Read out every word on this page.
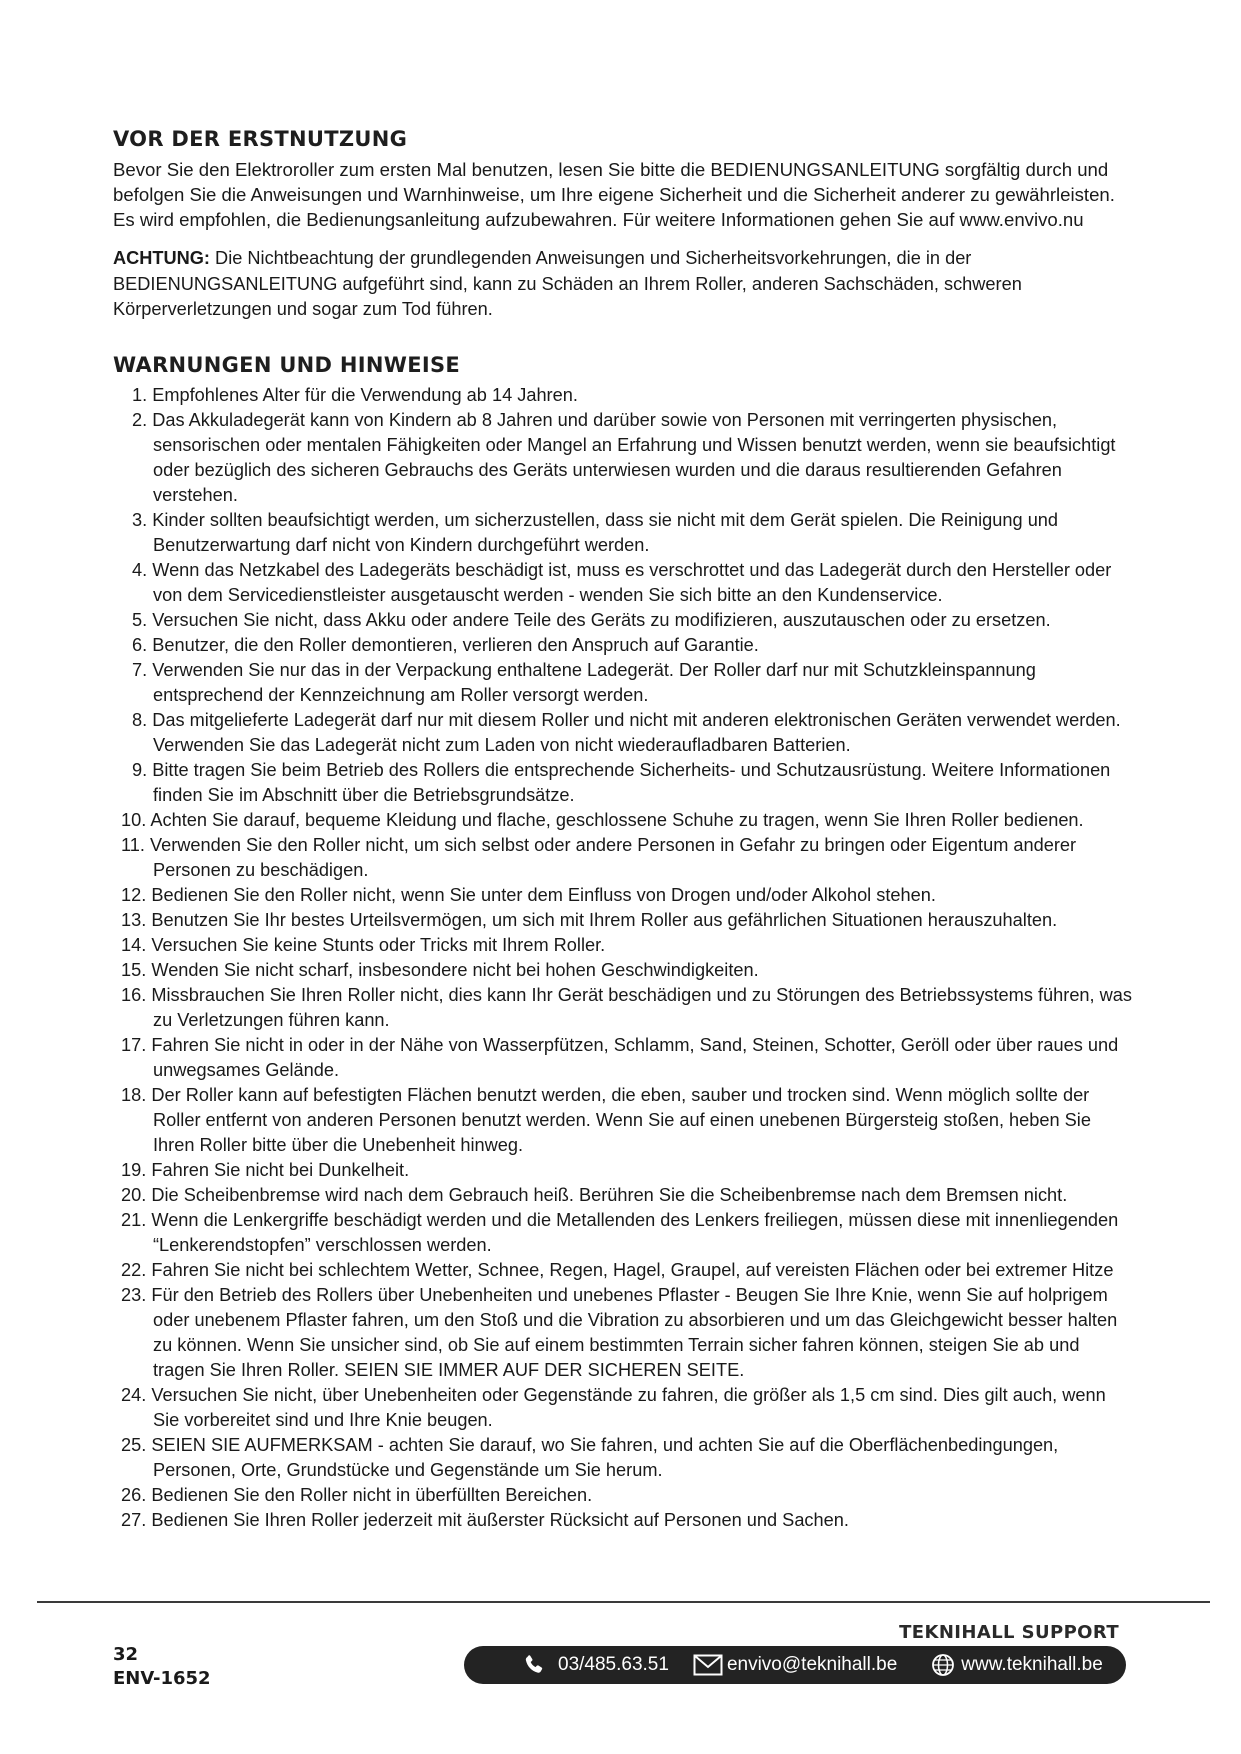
VOR DER ERSTNUTZUNG

Bevor Sie den Elektroroller zum ersten Mal benutzen, lesen Sie bitte die BEDIENUNGSANLEITUNG sorgfältig durch und befolgen Sie die Anweisungen und Warnhinweise, um Ihre eigene Sicherheit und die Sicherheit anderer zu gewährleisten. Es wird empfohlen, die Bedienungsanleitung aufzubewahren. Für weitere Informationen gehen Sie auf www.envivo.nu

ACHTUNG: Die Nichtbeachtung der grundlegenden Anweisungen und Sicherheitsvorkehrungen, die in der BEDIENUNGSANLEITUNG aufgeführt sind, kann zu Schäden an Ihrem Roller, anderen Sachschäden, schweren Körperverletzungen und sogar zum Tod führen.
WARNUNGEN UND HINWEISE
1. Empfohlenes Alter für die Verwendung ab 14 Jahren.
2. Das Akkuladegerät kann von Kindern ab 8 Jahren und darüber sowie von Personen mit verringerten physischen, sensorischen oder mentalen Fähigkeiten oder Mangel an Erfahrung und Wissen benutzt werden, wenn sie beaufsichtigt oder bezüglich des sicheren Gebrauchs des Geräts unterwiesen wurden und die daraus resultierenden Gefahren verstehen.
3. Kinder sollten beaufsichtigt werden, um sicherzustellen, dass sie nicht mit dem Gerät spielen. Die Reinigung und Benutzerwartung darf nicht von Kindern durchgeführt werden.
4. Wenn das Netzkabel des Ladegeräts beschädigt ist, muss es verschrottet und das Ladegerät durch den Hersteller oder von dem Servicedienstleister ausgetauscht werden - wenden Sie sich bitte an den Kundenservice.
5. Versuchen Sie nicht, dass Akku oder andere Teile des Geräts zu modifizieren, auszutauschen oder zu ersetzen.
6. Benutzer, die den Roller demontieren, verlieren den Anspruch auf Garantie.
7. Verwenden Sie nur das in der Verpackung enthaltene Ladegerät. Der Roller darf nur mit Schutzkleinspannung entsprechend der Kennzeichnung am Roller versorgt werden.
8. Das mitgelieferte Ladegerät darf nur mit diesem Roller und nicht mit anderen elektronischen Geräten verwendet werden. Verwenden Sie das Ladegerät nicht zum Laden von nicht wiederaufladbaren Batterien.
9. Bitte tragen Sie beim Betrieb des Rollers die entsprechende Sicherheits- und Schutzausrüstung. Weitere Informationen finden Sie im Abschnitt über die Betriebsgrundsätze.
10. Achten Sie darauf, bequeme Kleidung und flache, geschlossene Schuhe zu tragen, wenn Sie Ihren Roller bedienen.
11. Verwenden Sie den Roller nicht, um sich selbst oder andere Personen in Gefahr zu bringen oder Eigentum anderer Personen zu beschädigen.
12. Bedienen Sie den Roller nicht, wenn Sie unter dem Einfluss von Drogen und/oder Alkohol stehen.
13. Benutzen Sie Ihr bestes Urteilsvermögen, um sich mit Ihrem Roller aus gefährlichen Situationen herauszuhalten.
14. Versuchen Sie keine Stunts oder Tricks mit Ihrem Roller.
15. Wenden Sie nicht scharf, insbesondere nicht bei hohen Geschwindigkeiten.
16. Missbrauchen Sie Ihren Roller nicht, dies kann Ihr Gerät beschädigen und zu Störungen des Betriebssystems führen, was zu Verletzungen führen kann.
17. Fahren Sie nicht in oder in der Nähe von Wasserpfützen, Schlamm, Sand, Steinen, Schotter, Geröll oder über raues und unwegsames Gelände.
18. Der Roller kann auf befestigten Flächen benutzt werden, die eben, sauber und trocken sind. Wenn möglich sollte der Roller entfernt von anderen Personen benutzt werden. Wenn Sie auf einen unebenen Bürgersteig stoßen, heben Sie Ihren Roller bitte über die Unebenheit hinweg.
19. Fahren Sie nicht bei Dunkelheit.
20. Die Scheibenbremse wird nach dem Gebrauch heiß. Berühren Sie die Scheibenbremse nach dem Bremsen nicht.
21. Wenn die Lenkergriffe beschädigt werden und die Metallenden des Lenkers freiliegen, müssen diese mit innenliegenden “Lenkerendstopfen” verschlossen werden.
22. Fahren Sie nicht bei schlechtem Wetter, Schnee, Regen, Hagel, Graupel, auf vereisten Flächen oder bei extremer Hitze
23. Für den Betrieb des Rollers über Unebenheiten und unebenes Pflaster - Beugen Sie Ihre Knie, wenn Sie auf holprigem oder unebenem Pflaster fahren, um den Stoß und die Vibration zu absorbieren und um das Gleichgewicht besser halten zu können. Wenn Sie unsicher sind, ob Sie auf einem bestimmten Terrain sicher fahren können, steigen Sie ab und tragen Sie Ihren Roller. SEIEN SIE IMMER AUF DER SICHEREN SEITE.
24. Versuchen Sie nicht, über Unebenheiten oder Gegenstände zu fahren, die größer als 1,5 cm sind. Dies gilt auch, wenn Sie vorbereitet sind und Ihre Knie beugen.
25. SEIEN SIE AUFMERKSAM - achten Sie darauf, wo Sie fahren, und achten Sie auf die Oberflächenbedingungen, Personen, Orte, Grundstücke und Gegenstände um Sie herum.
26. Bedienen Sie den Roller nicht in überfüllten Bereichen.
27. Bedienen Sie Ihren Roller jederzeit mit äußerster Rücksicht auf Personen und Sachen.
32
ENV-1652
TEKNIHALL SUPPORT
03/485.63.51	envivo@teknihall.be	www.teknihall.be
